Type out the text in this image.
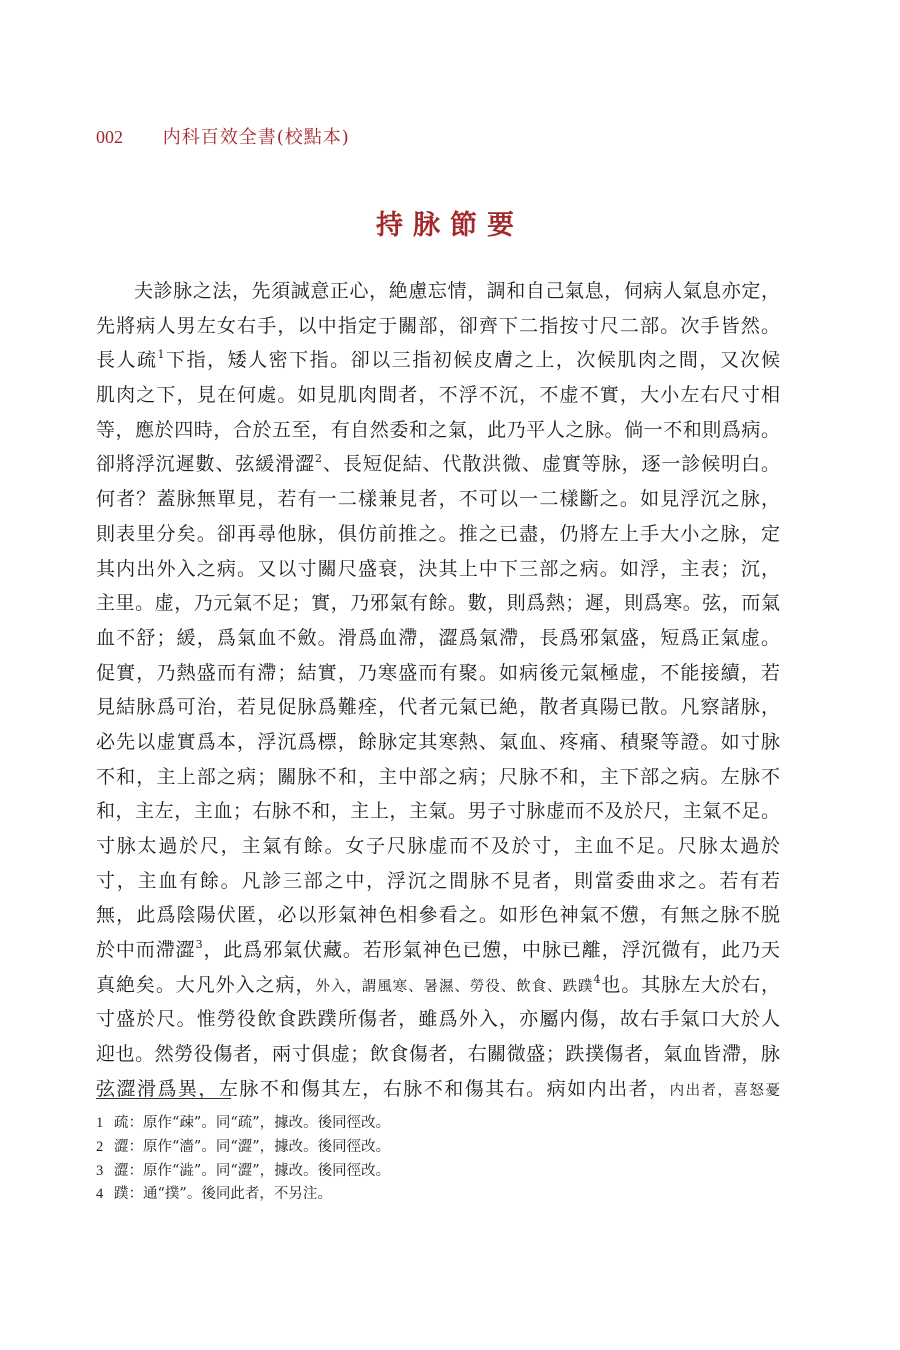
002 内科百效全書(校點本)
持脉節要
夫診脉之法，先須誠意正心，絶慮忘情，調和自己氣息，伺病人氣息亦定，
先將病人男左女右手，以中指定于關部，卻齊下二指按寸尺二部。次手皆然。
長人疏$^1$下指，矮人密下指。卻以三指初候皮膚之上，次候肌肉之間，又次候
肌肉之下，見在何處。如見肌肉間者，不浮不沉，不虚不實，大小左右尺寸相
等，應於四時，合於五至，有自然委和之氣，此乃平人之脉。倘一不和則爲病。
卻將浮沉遲數、弦緩滑澀$^2$、長短促結、代散洪微、虚實等脉，逐一診候明白。
何者？蓋脉無單見，若有一二樣兼見者，不可以一二樣斷之。如見浮沉之脉，
則表里分矣。卻再尋他脉，俱仿前推之。推之已盡，仍將左上手大小之脉，定
其内出外入之病。又以寸關尺盛衰，決其上中下三部之病。如浮，主表；沉，
主里。虚，乃元氣不足；實，乃邪氣有餘。數，則爲熱；遲，則爲寒。弦，而氣
血不舒；緩，爲氣血不斂。滑爲血滯，澀爲氣滯，長爲邪氣盛，短爲正氣虚。
促實，乃熱盛而有滯；結實，乃寒盛而有聚。如病後元氣極虚，不能接續，若
見結脉爲可治，若見促脉爲難痊，代者元氣已絶，散者真陽已散。凡察諸脉，
必先以虚實爲本，浮沉爲標，餘脉定其寒熱、氣血、疼痛、積聚等證。如寸脉
不和，主上部之病；關脉不和，主中部之病；尺脉不和，主下部之病。左脉不
和，主左，主血；右脉不和，主上，主氣。男子寸脉虚而不及於尺，主氣不足。
寸脉太過於尺，主氣有餘。女子尺脉虚而不及於寸，主血不足。尺脉太過於
寸，主血有餘。凡診三部之中，浮沉之間脉不見者，則當委曲求之。若有若
無，此爲陰陽伏匿，必以形氣神色相參看之。如形色神氣不憊，有無之脉不脱
於中而滯澀$^3$，此爲邪氣伏藏。若形氣神色已憊，中脉已離，浮沉微有，此乃天
真絶矣。大凡外入之病，外入，謂風寒、暑濕、勞役、飲食、跌蹼$^4$也。其脉左大於右，
寸盛於尺。惟勞役飲食跌蹼所傷者，雖爲外入，亦屬内傷，故右手氣口大於人
迎也。然勞役傷者，兩寸俱虚；飲食傷者，右關微盛；跌撲傷者，氣血皆滯，脉
弦澀滑爲異，左脉不和傷其左，右脉不和傷其右。病如内出者，内出者，喜怒憂
1 疏：原作“疎”。同“疏”，據改。後同徑改。
2 澀：原作“濇”。同“澀”，據改。後同徑改。
3 澀：原作“澁”。同“澀”，據改。後同徑改。
4 蹼：通“撲”。後同此者，不另注。
